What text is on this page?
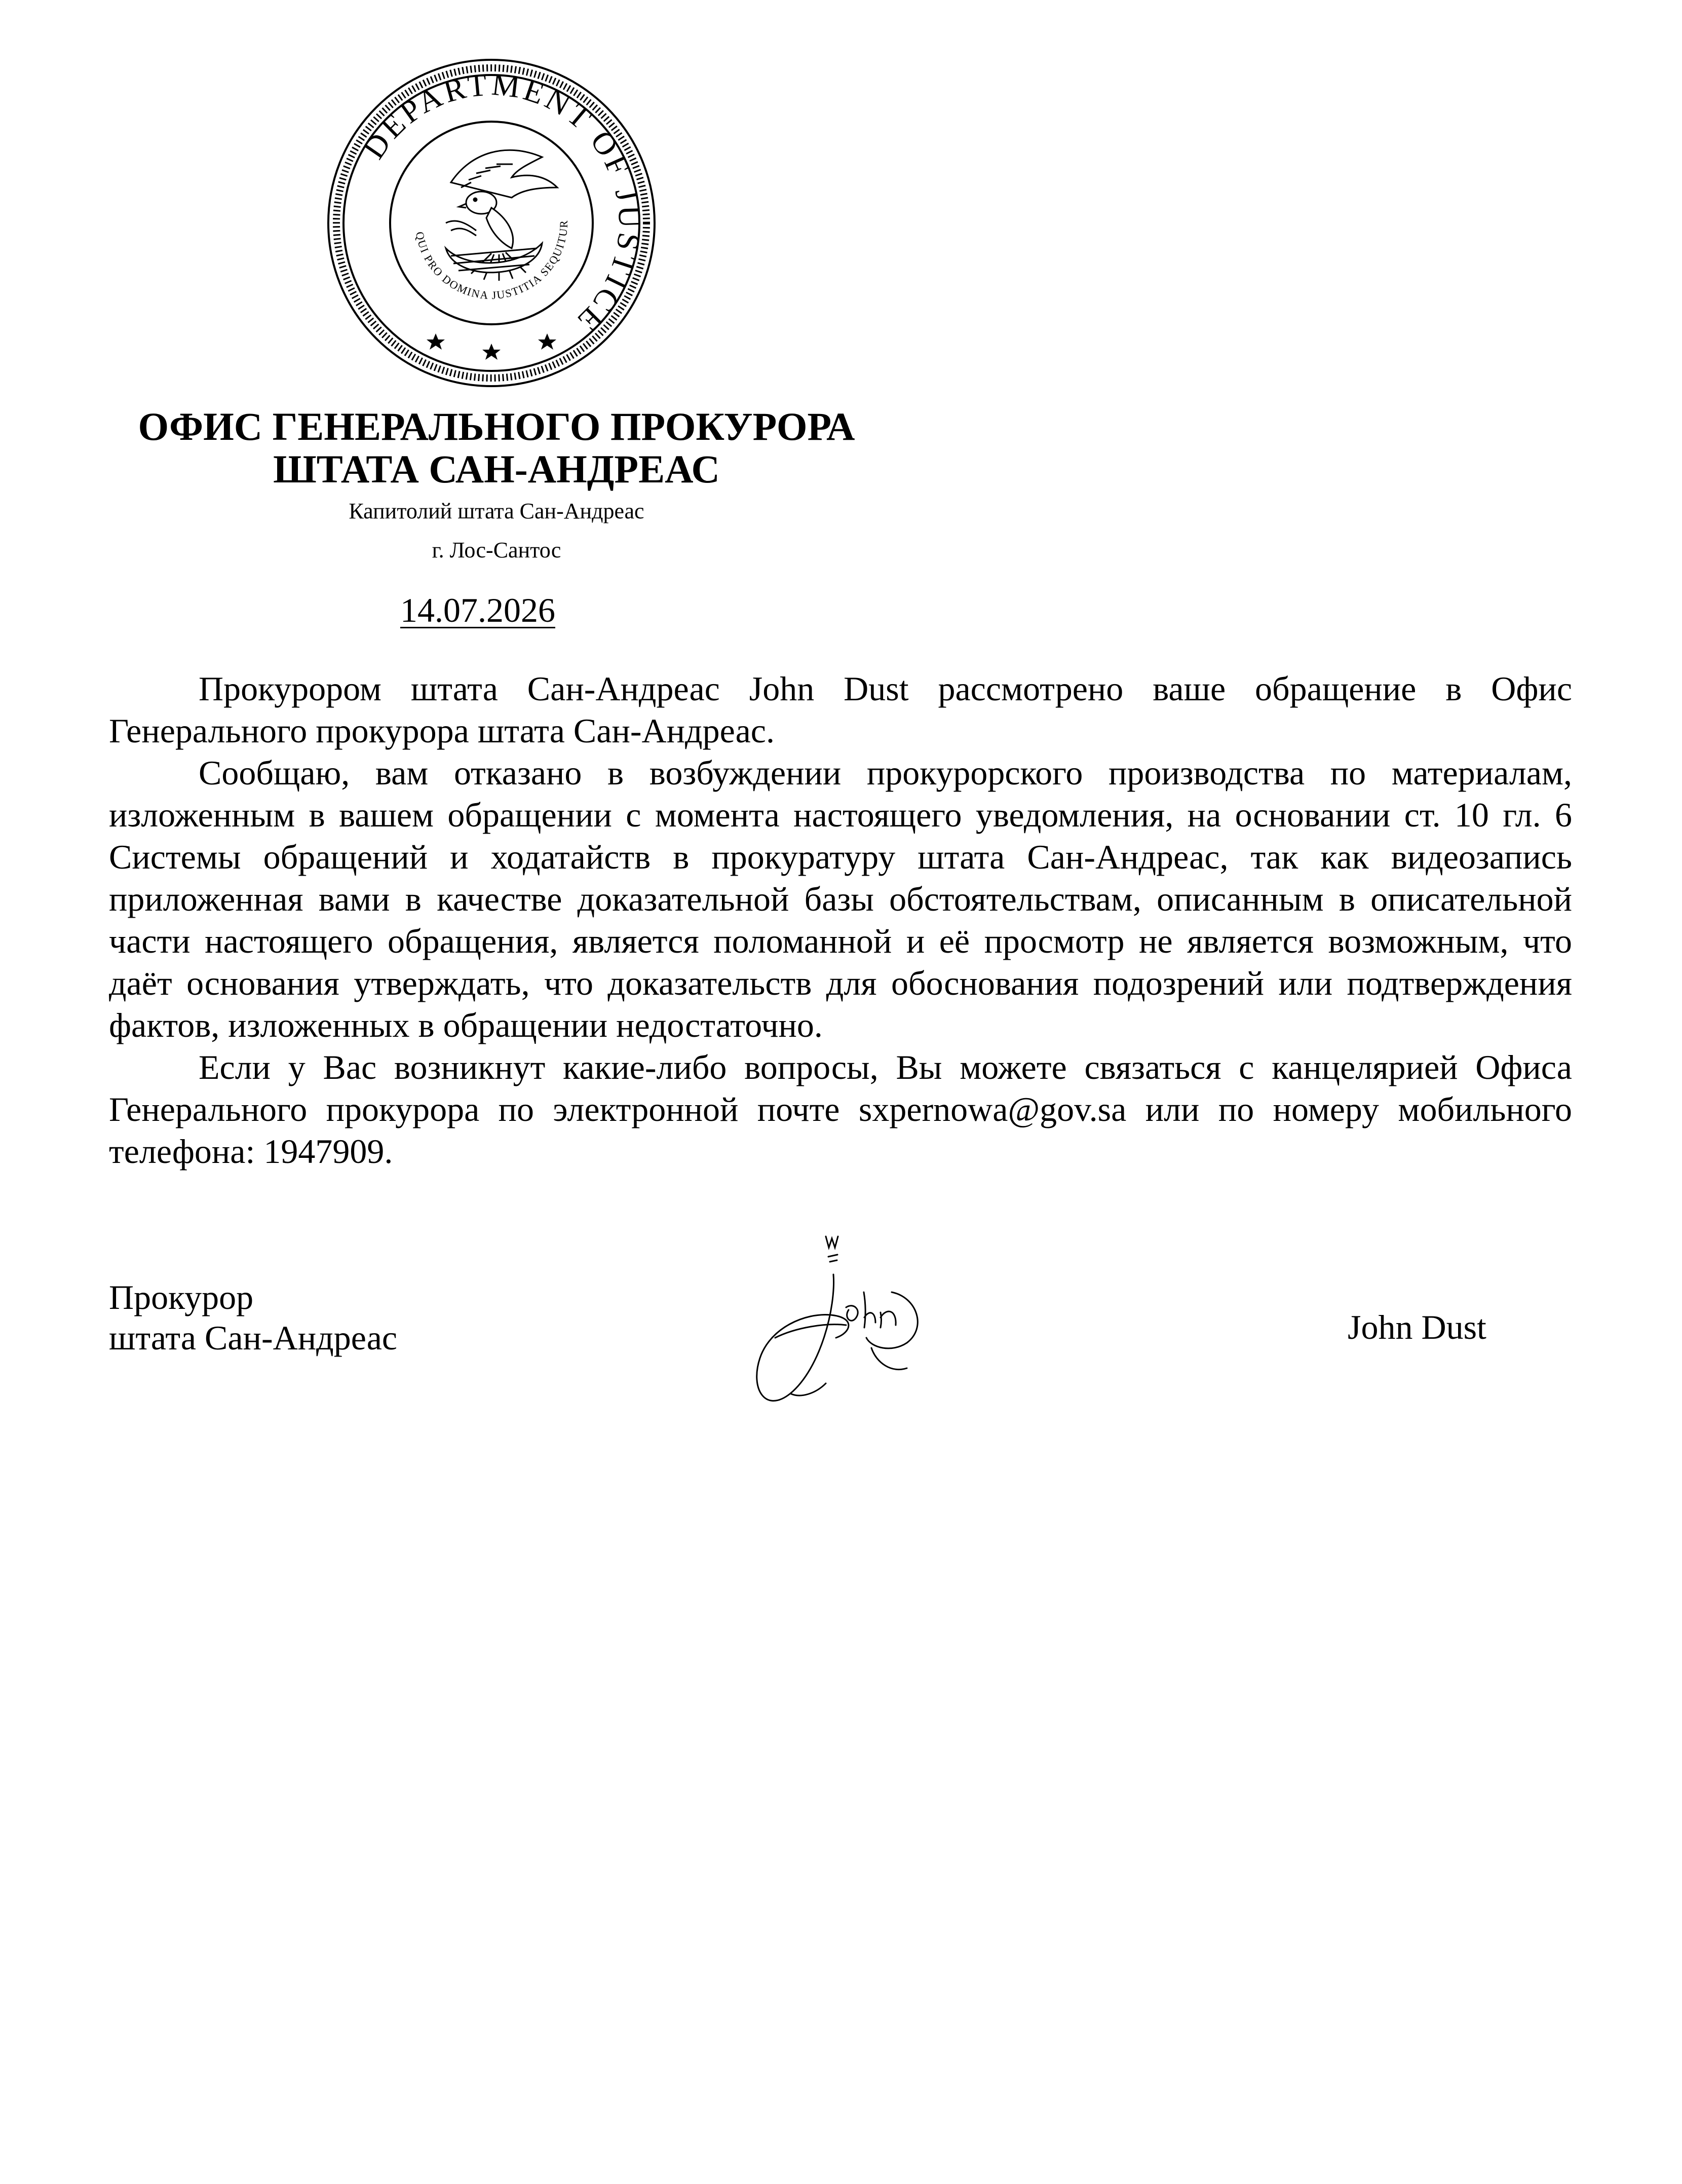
DEPARTMENT OF JUSTICE
QUI PRO DOMINA JUSTITIA SEQUITUR
ОФИС ГЕНЕРАЛЬНОГО ПРОКУРОРА
ШТАТА САН-АНДРЕАС
Капитолий штата Сан-Андреас
г. Лос-Сантос
14.07.2026

Прокурором штата Сан-Андреас John Dust рассмотрено ваше обращение в Офис Генерального прокурора штата Сан-Андреас.

Сообщаю, вам отказано в возбуждении прокурорского производства по материалам, изложенным в вашем обращении с момента настоящего уведомления, на основании ст. 10 гл. 6 Системы обращений и ходатайств в прокуратуру штата Сан-Андреас, так как видеозапись приложенная вами в качестве доказательной базы обстоятельствам, описанным в описательной части настоящего обращения, является поломанной и её просмотр не является возможным, что даёт основания утверждать, что доказательств для обоснования подозрений или подтверждения фактов, изложенных в обращении недостаточно.

Если у Вас возникнут какие-либо вопросы, Вы можете связаться с канцелярией Офиса Генерального прокурора по электронной почте sxpernowa@gov.sa или по номеру мобильного телефона: 1947909.

Прокурор
штата Сан-Андреас	John Dust
